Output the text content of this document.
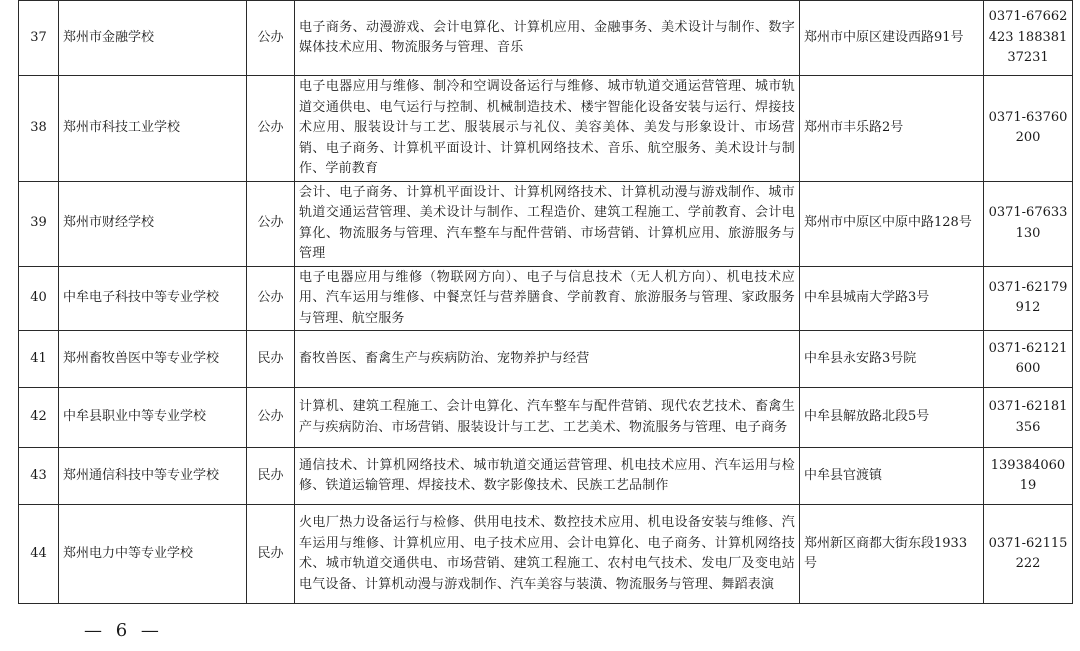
37	郑州市金融学校	公办	电子商务、动漫游戏、会计电算化、计算机应用、金融事务、美术设计与制作、数字媒体技术应用、物流服务与管理、音乐	郑州市中原区建设西路91号	0371-67662423 18838137231
38	郑州市科技工业学校	公办	电子电器应用与维修、制冷和空调设备运行与维修、城市轨道交通运营管理、城市轨道交通供电、电气运行与控制、机械制造技术、楼宇智能化设备安装与运行、焊接技术应用、服装设计与工艺、服装展示与礼仪、美容美体、美发与形象设计、市场营销、电子商务、计算机平面设计、计算机网络技术、音乐、航空服务、美术设计与制作、学前教育	郑州市丰乐路2号	0371-63760200
39	郑州市财经学校	公办	会计、电子商务、计算机平面设计、计算机网络技术、计算机动漫与游戏制作、城市轨道交通运营管理、美术设计与制作、工程造价、建筑工程施工、学前教育、会计电算化、物流服务与管理、汽车整车与配件营销、市场营销、计算机应用、旅游服务与管理	郑州市中原区中原中路128号	0371-67633130
40	中牟电子科技中等专业学校	公办	电子电器应用与维修（物联网方向）、电子与信息技术（无人机方向）、机电技术应用、汽车运用与维修、中餐烹饪与营养膳食、学前教育、旅游服务与管理、家政服务与管理、航空服务	中牟县城南大学路3号	0371-62179912
41	郑州畜牧兽医中等专业学校	民办	畜牧兽医、畜禽生产与疾病防治、宠物养护与经营	中牟县永安路3号院	0371-62121600
42	中牟县职业中等专业学校	公办	计算机、建筑工程施工、会计电算化、汽车整车与配件营销、现代农艺技术、畜禽生产与疾病防治、市场营销、服装设计与工艺、工艺美术、物流服务与管理、电子商务	中牟县解放路北段5号	0371-62181356
43	郑州通信科技中等专业学校	民办	通信技术、计算机网络技术、城市轨道交通运营管理、机电技术应用、汽车运用与检修、铁道运输管理、焊接技术、数字影像技术、民族工艺品制作	中牟县官渡镇	13938406019
44	郑州电力中等专业学校	民办	火电厂热力设备运行与检修、供用电技术、数控技术应用、机电设备安装与维修、汽车运用与维修、计算机应用、电子技术应用、会计电算化、电子商务、计算机网络技术、城市轨道交通供电、市场营销、建筑工程施工、农村电气技术、发电厂及变电站电气设备、计算机动漫与游戏制作、汽车美容与装潢、物流服务与管理、舞蹈表演	郑州新区商都大街东段1933号	0371-62115222
— 6 —
